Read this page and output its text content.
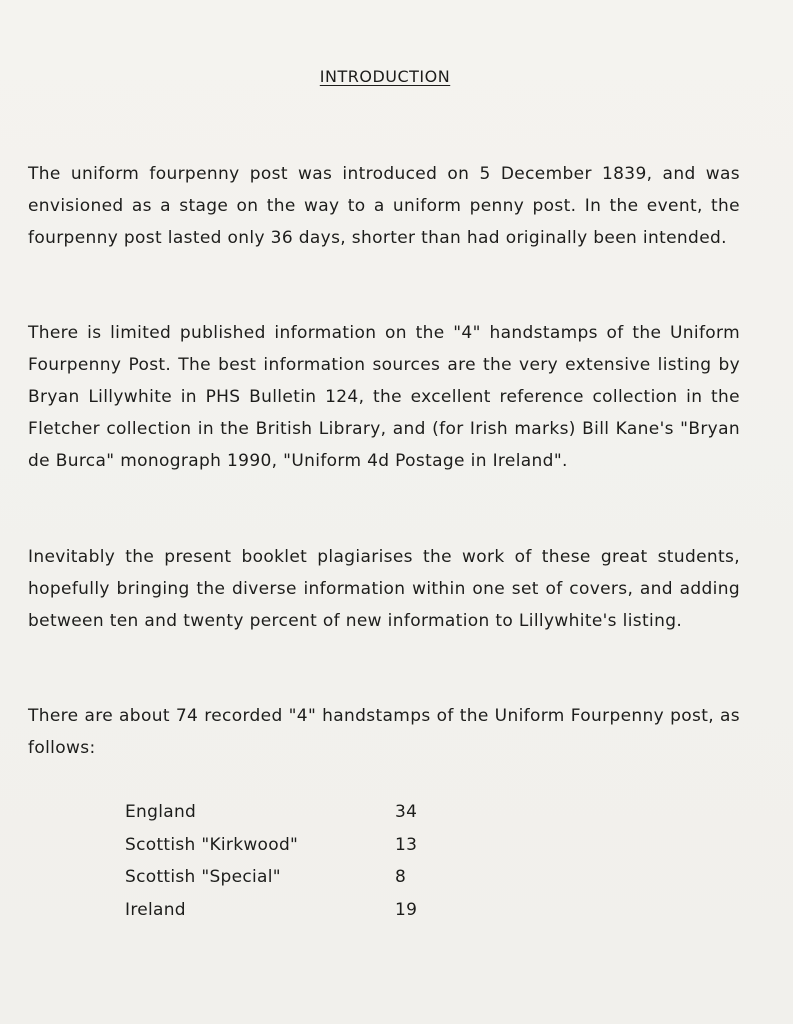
INTRODUCTION
The uniform fourpenny post was introduced on 5 December 1839, and was envisioned as a stage on the way to a uniform penny post. In the event, the fourpenny post lasted only 36 days, shorter than had originally been intended.
There is limited published information on the "4" handstamps of the Uniform Fourpenny Post. The best information sources are the very extensive listing by Bryan Lillywhite in PHS Bulletin 124, the excellent reference collection in the Fletcher collection in the British Library, and (for Irish marks) Bill Kane's "Bryan de Burca" monograph 1990, "Uniform 4d Postage in Ireland".
Inevitably the present booklet plagiarises the work of these great students, hopefully bringing the diverse information within one set of covers, and adding between ten and twenty percent of new information to Lillywhite's listing.
There are about 74 recorded "4" handstamps of the Uniform Fourpenny post, as follows:
England	34
Scottish "Kirkwood"	13
Scottish "Special"	8
Ireland	19
